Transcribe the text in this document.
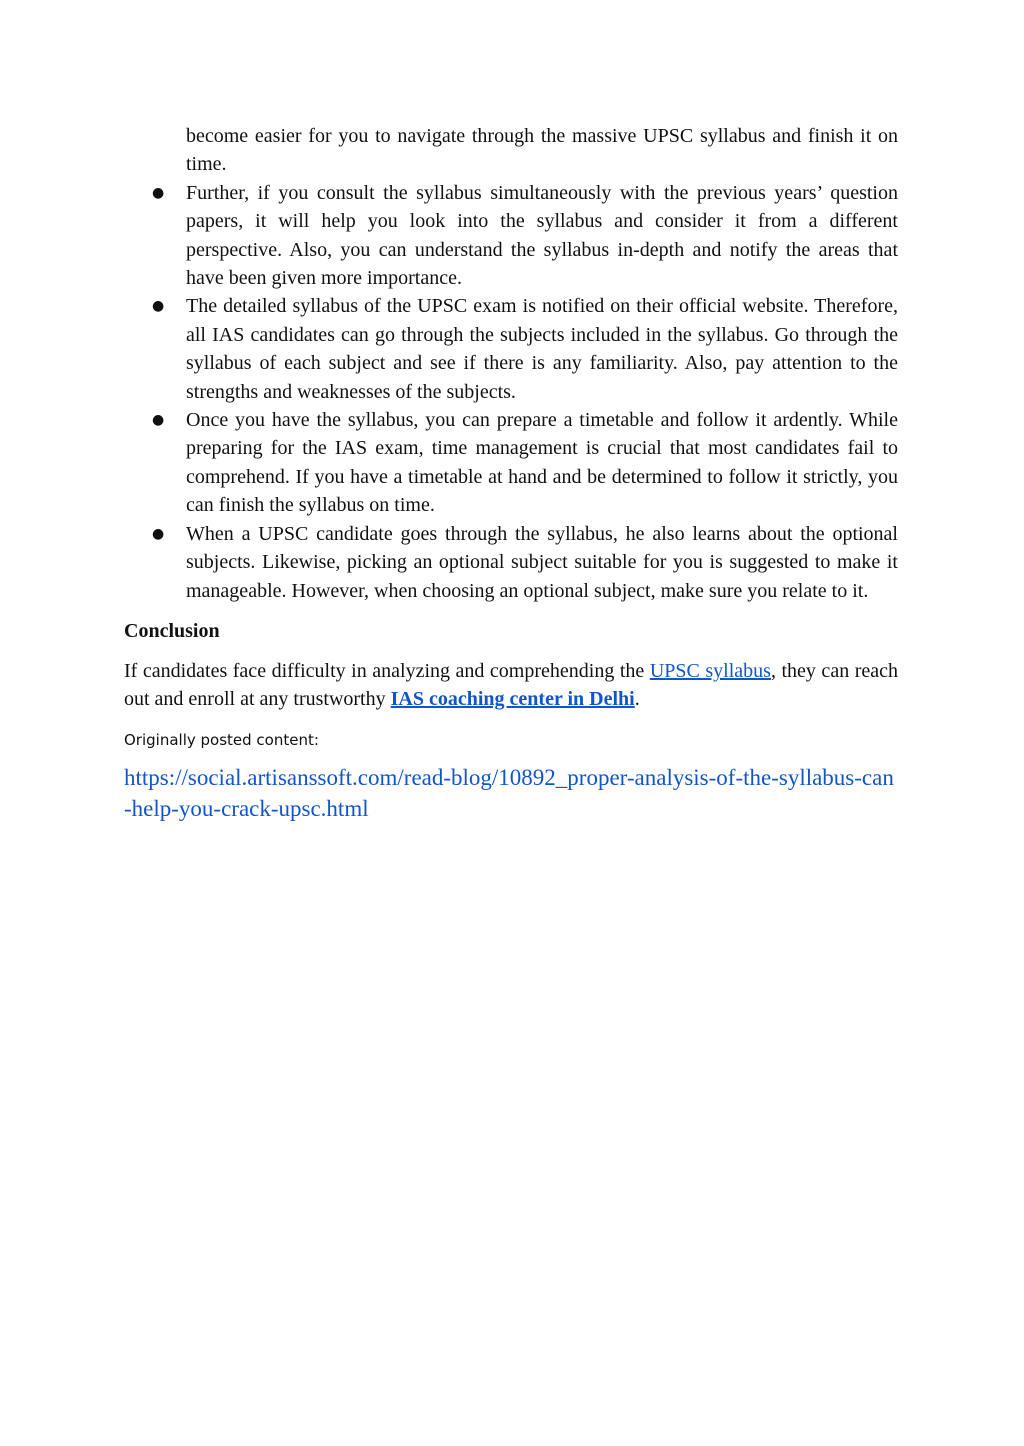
become easier for you to navigate through the massive UPSC syllabus and finish it on time.
● Further, if you consult the syllabus simultaneously with the previous years’ question papers, it will help you look into the syllabus and consider it from a different perspective. Also, you can understand the syllabus in-depth and notify the areas that have been given more importance.
● The detailed syllabus of the UPSC exam is notified on their official website. Therefore, all IAS candidates can go through the subjects included in the syllabus. Go through the syllabus of each subject and see if there is any familiarity. Also, pay attention to the strengths and weaknesses of the subjects.
● Once you have the syllabus, you can prepare a timetable and follow it ardently. While preparing for the IAS exam, time management is crucial that most candidates fail to comprehend. If you have a timetable at hand and be determined to follow it strictly, you can finish the syllabus on time.
● When a UPSC candidate goes through the syllabus, he also learns about the optional subjects. Likewise, picking an optional subject suitable for you is suggested to make it manageable. However, when choosing an optional subject, make sure you relate to it.
Conclusion

If candidates face difficulty in analyzing and comprehending the UPSC syllabus, they can reach out and enroll at any trustworthy IAS coaching center in Delhi.

Originally posted content:
https://social.artisanssoft.com/read-blog/10892_proper-analysis-of-the-syllabus-can-help-you-crack-upsc.html
